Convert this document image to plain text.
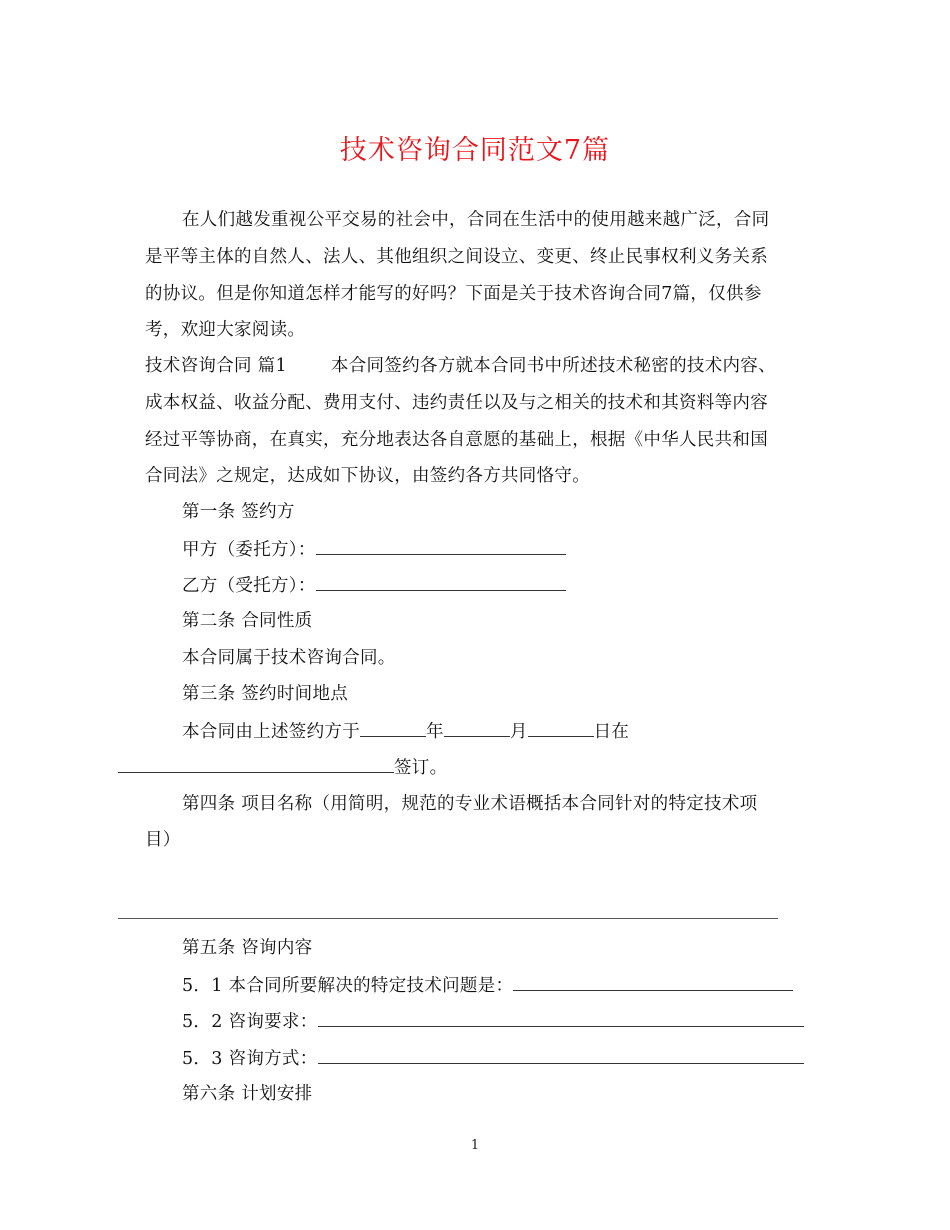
技术咨询合同范文7篇
在人们越发重视公平交易的社会中，合同在生活中的使用越来越广泛，合同
是平等主体的自然人、法人、其他组织之间设立、变更、终止民事权利义务关系
的协议。但是你知道怎样才能写的好吗？下面是关于技术咨询合同7篇，仅供参
考，欢迎大家阅读。
技术咨询合同 篇1	本合同签约各方就本合同书中所述技术秘密的技术内容、
成本权益、收益分配、费用支付、违约责任以及与之相关的技术和其资料等内容
经过平等协商，在真实，充分地表达各自意愿的基础上，根据《中华人民共和国
合同法》之规定，达成如下协议，由签约各方共同恪守。
第一条 签约方
甲方（委托方）：
乙方（受托方）：
第二条 合同性质
本合同属于技术咨询合同。
第三条 签约时间地点
本合同由上述签约方于	年	月	日在
签订。
第四条 项目名称（用简明，规范的专业术语概括本合同针对的特定技术项
目）
第五条 咨询内容
5．1 本合同所要解决的特定技术问题是：
5．2 咨询要求：
5．3 咨询方式：
第六条 计划安排
1
